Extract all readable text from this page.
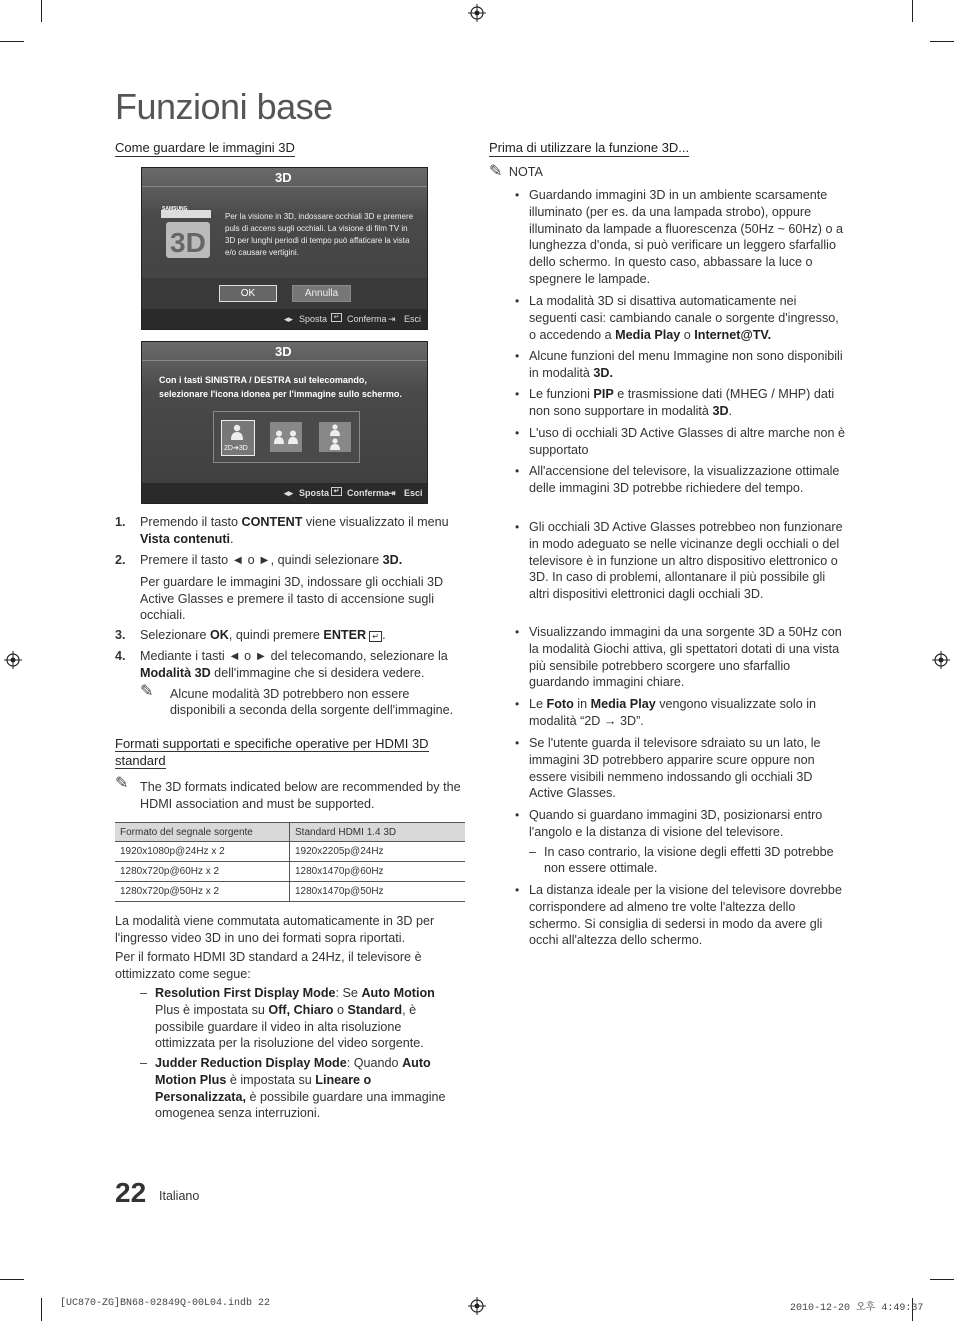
Funzioni base
Come guardare le immagini 3D
3D
3D
SAMSUNG
Per la visione in 3D, indossare occhiali 3D e premere puls di accens sugli occhiali. La visione di film TV in 3D per lunghi periodi di tempo può affaticare la vista e/o causare vertigini.
OK	Annulla
◂▸ Sposta ↵ Conferma ⇥ Esci
3D
Con i tasti SINISTRA / DESTRA sul telecomando, selezionare l'icona idonea per l'immagine sullo schermo.
2D➔3D
◂▸ Sposta ↵ Conferma
⇥ Esci
1. Premendo il tasto CONTENT viene visualizzato il menu Vista contenuti.
2. Premere il tasto ◄ o ►, quindi selezionare 3D.
Per guardare le immagini 3D, indossare gli occhiali 3D Active Glasses e premere il tasto di accensione sugli occhiali.
3. Selezionare OK, quindi premere ENTER ↵ .
4. Mediante i tasti ◄ o ► del telecomando, selezionare la Modalità 3D dell'immagine che si desidera vedere.
✎ Alcune modalità 3D potrebbero non essere disponibili a seconda della sorgente dell'immagine.
Formati supportati e specifiche operative per HDMI 3D standard
✎ The 3D formats indicated below are recommended by the HDMI association and must be supported.
Formato del segnale sorgente	Standard HDMI 1.4 3D
1920x1080p@24Hz x 2	1920x2205p@24Hz
1280x720p@60Hz x 2	1280x1470p@60Hz
1280x720p@50Hz x 2	1280x1470p@50Hz
La modalità viene commutata automaticamente in 3D per l'ingresso video 3D in uno dei formati sopra riportati.
Per il formato HDMI 3D standard a 24Hz, il televisore è ottimizzato come segue:
– Resolution First Display Mode: Se Auto Motion Plus è impostata su Off, Chiaro o Standard, è possibile guardare il video in alta risoluzione ottimizzata per la risoluzione del video sorgente.
– Judder Reduction Display Mode: Quando Auto Motion Plus è impostata su Lineare o Personalizzata, è possibile guardare una immagine omogenea senza interruzioni.
Prima di utilizzare la funzione 3D...
✎ NOTA
• Guardando immagini 3D in un ambiente scarsamente illuminato (per es. da una lampada strobo), oppure illuminato da lampade a fluorescenza (50Hz ~ 60Hz) o a lunghezza d'onda, si può verificare un leggero sfarfallio dello schermo. In questo caso, abbassare la luce o spegnere le lampade.
• La modalità 3D si disattiva automaticamente nei seguenti casi: cambiando canale o sorgente d'ingresso, o accedendo a Media Play o Internet@TV.
• Alcune funzioni del menu Immagine non sono disponibili in modalità 3D.
• Le funzioni PIP e trasmissione dati (MHEG / MHP) dati non sono supportare in modalità 3D.
• L'uso di occhiali 3D Active Glasses di altre marche non è supportato
• All'accensione del televisore, la visualizzazione ottimale delle immagini 3D potrebbe richiedere del tempo.
• Gli occhiali 3D Active Glasses potrebbeo non funzionare in modo adeguato se nelle vicinanze degli occhiali o del televisore è in funzione un altro dispositivo elettronico o 3D. In caso di problemi, allontanare il più possibile gli altri dispositivi elettronici dagli occhiali 3D.
• Visualizzando immagini da una sorgente 3D a 50Hz con la modalità Giochi attiva, gli spettatori dotati di una vista più sensibile potrebbero scorgere uno sfarfallio guardando immagini chiare.
• Le Foto in Media Play vengono visualizzate solo in modalità “2D → 3D”.
• Se l'utente guarda il televisore sdraiato su un lato, le immagini 3D potrebbero apparire scure oppure non essere visibili nemmeno indossando gli occhiali 3D Active Glasses.
• Quando si guardano immagini 3D, posizionarsi entro l'angolo e la distanza di visione del televisore.
– In caso contrario, la visione degli effetti 3D potrebbe non essere ottimale.
• La distanza ideale per la visione del televisore dovrebbe corrispondere ad almeno tre volte l'altezza dello schermo. Si consiglia di sedersi in modo da avere gli occhi all'altezza dello schermo.
22 Italiano
[UC870-ZG]BN68-02849Q-00L04.indb 22	2010-12-20 오후 4:49:37
